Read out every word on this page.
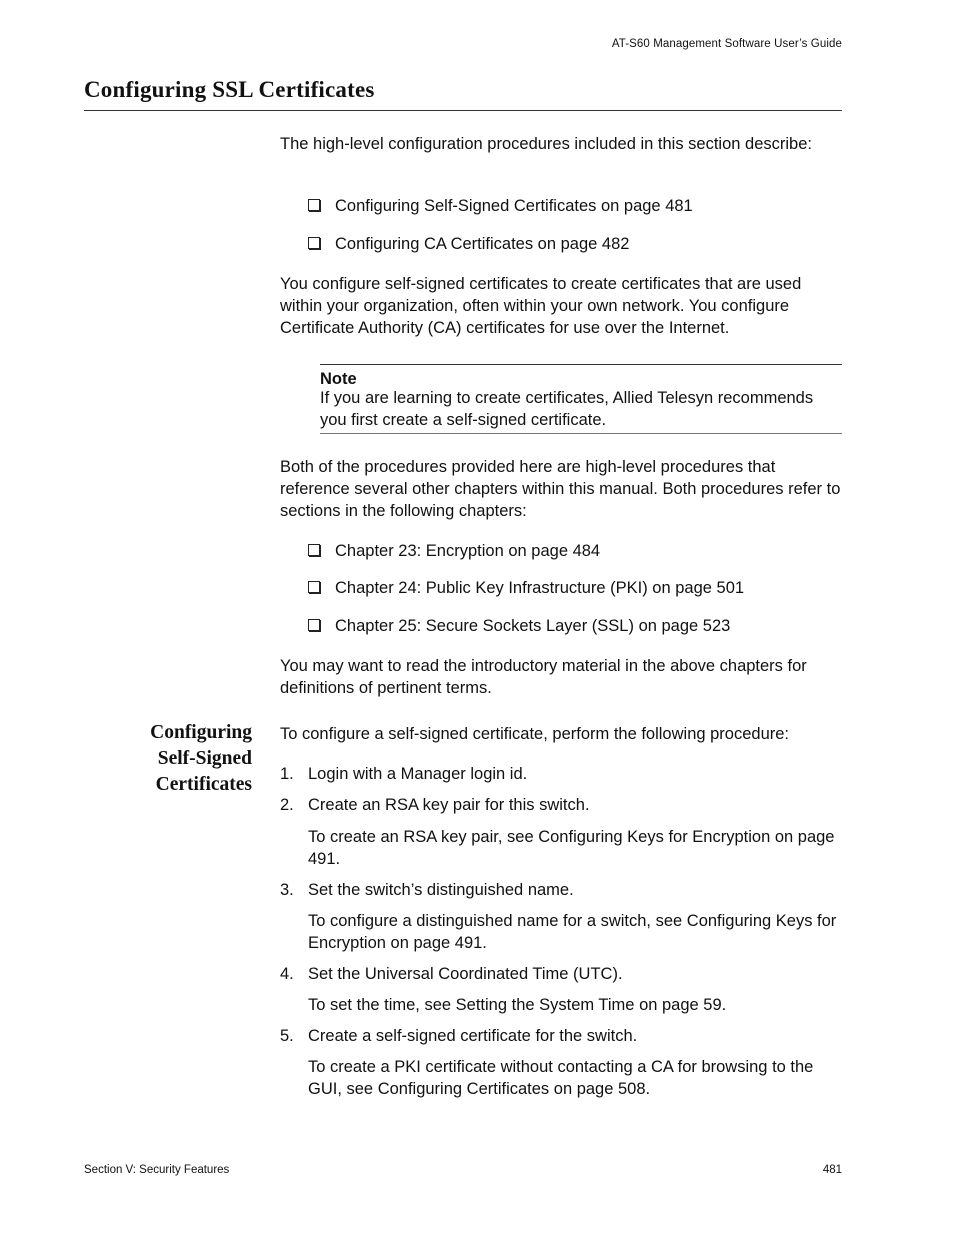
AT-S60 Management Software User’s Guide
Configuring SSL Certificates

The high-level configuration procedures included in this section describe:

Configuring Self-Signed Certificates on page 481
Configuring CA Certificates on page 482

You configure self-signed certificates to create certificates that are used within your organization, often within your own network. You configure Certificate Authority (CA) certificates for use over the Internet.

Note
If you are learning to create certificates, Allied Telesyn recommends you first create a self-signed certificate.

Both of the procedures provided here are high-level procedures that reference several other chapters within this manual. Both procedures refer to sections in the following chapters:

Chapter 23: Encryption on page 484
Chapter 24: Public Key Infrastructure (PKI) on page 501
Chapter 25: Secure Sockets Layer (SSL) on page 523

You may want to read the introductory material in the above chapters for definitions of pertinent terms.

Configuring
Self-Signed
Certificates

To configure a self-signed certificate, perform the following procedure:

1. Login with a Manager login id.
2. Create an RSA key pair for this switch.
To create an RSA key pair, see Configuring Keys for Encryption on page 491.
3. Set the switch’s distinguished name.
To configure a distinguished name for a switch, see Configuring Keys for Encryption on page 491.
4. Set the Universal Coordinated Time (UTC).
To set the time, see Setting the System Time on page 59.
5. Create a self-signed certificate for the switch.
To create a PKI certificate without contacting a CA for browsing to the GUI, see Configuring Certificates on page 508.
Section V: Security Features	481
